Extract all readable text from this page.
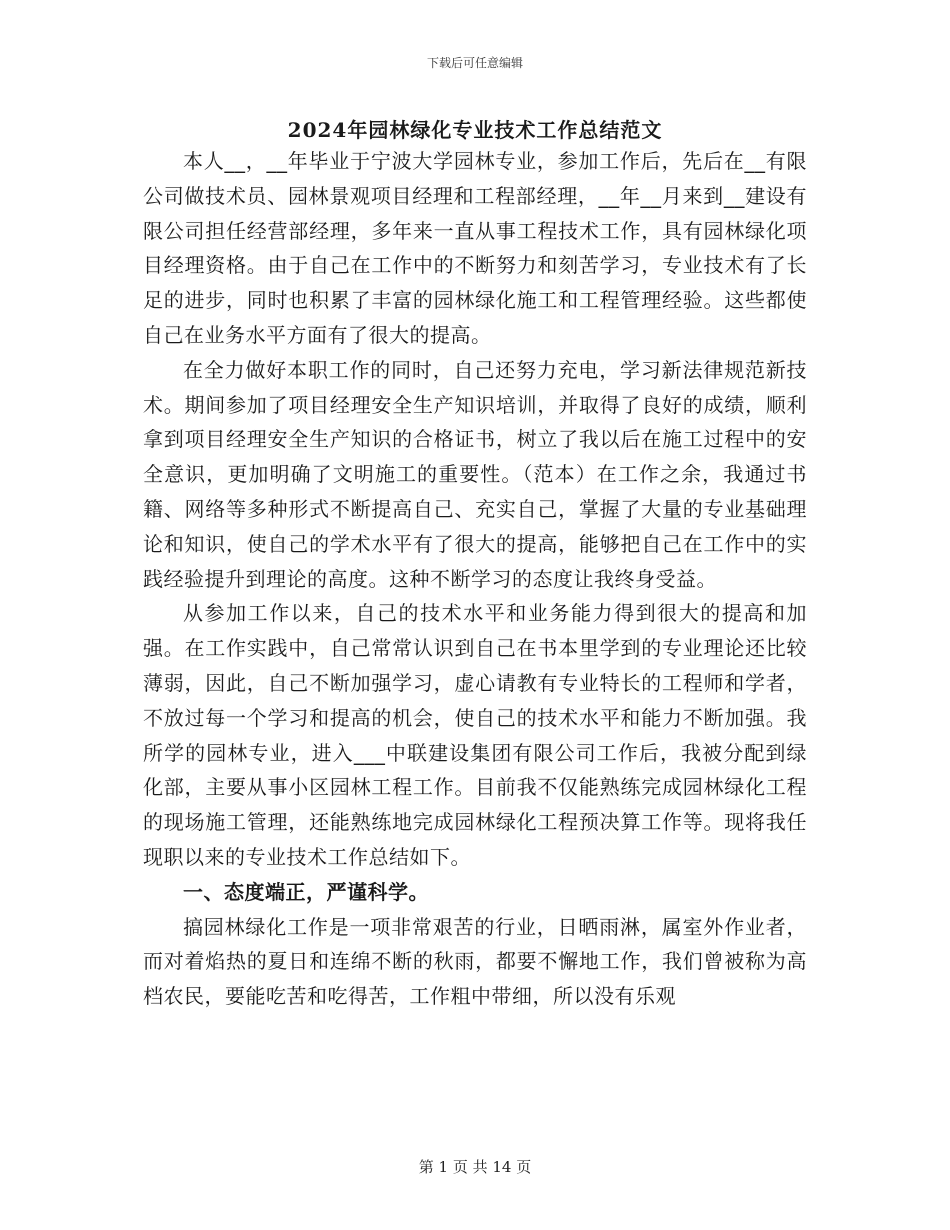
下载后可任意编辑
2024年园林绿化专业技术工作总结范文

本人__，__年毕业于宁波大学园林专业，参加工作后，先后在__有限公司做技术员、园林景观项目经理和工程部经理，__年__月来到__建设有限公司担任经营部经理，多年来一直从事工程技术工作，具有园林绿化项目经理资格。由于自己在工作中的不断努力和刻苦学习，专业技术有了长足的进步，同时也积累了丰富的园林绿化施工和工程管理经验。这些都使自己在业务水平方面有了很大的提高。

在全力做好本职工作的同时，自己还努力充电，学习新法律规范新技术。期间参加了项目经理安全生产知识培训，并取得了良好的成绩，顺利拿到项目经理安全生产知识的合格证书，树立了我以后在施工过程中的安全意识，更加明确了文明施工的重要性。（范本）在工作之余，我通过书籍、网络等多种形式不断提高自己、充实自己，掌握了大量的专业基础理论和知识，使自己的学术水平有了很大的提高，能够把自己在工作中的实践经验提升到理论的高度。这种不断学习的态度让我终身受益。

从参加工作以来，自己的技术水平和业务能力得到很大的提高和加强。在工作实践中，自己常常认识到自己在书本里学到的专业理论还比较薄弱，因此，自己不断加强学习，虚心请教有专业特长的工程师和学者，不放过每一个学习和提高的机会，使自己的技术水平和能力不断加强。我所学的园林专业，进入___中联建设集团有限公司工作后，我被分配到绿化部，主要从事小区园林工程工作。目前我不仅能熟练完成园林绿化工程的现场施工管理，还能熟练地完成园林绿化工程预决算工作等。现将我任现职以来的专业技术工作总结如下。

一、态度端正，严谨科学。

搞园林绿化工作是一项非常艰苦的行业，日晒雨淋，属室外作业者，而对着焰热的夏日和连绵不断的秋雨，都要不懈地工作，我们曾被称为高档农民，要能吃苦和吃得苦，工作粗中带细，所以没有乐观

第 1 页 共 14 页
